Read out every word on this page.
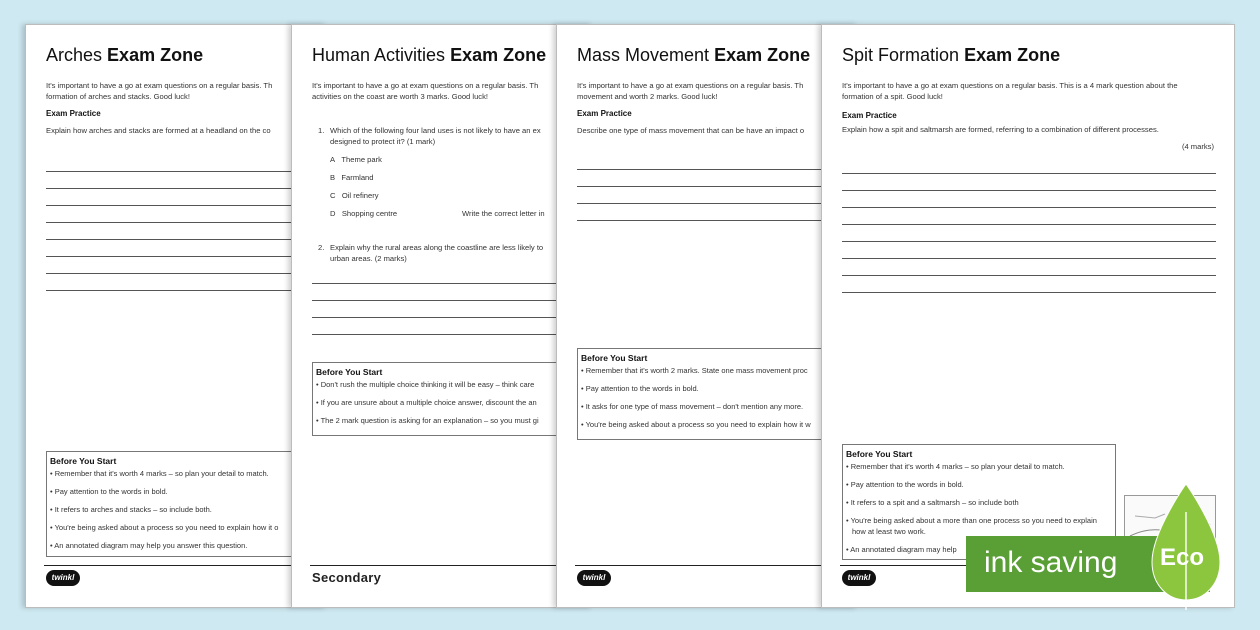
Arches Exam Zone
It's important to have a go at exam questions on a regular basis. Th
formation of arches and stacks. Good luck!
Exam Practice
Explain how arches and stacks are formed at a headland on the co
Before You Start
• Remember that it's worth 4 marks – so plan your detail to match.
• Pay attention to the words in bold.
• It refers to arches and stacks – so include both.
• You're being asked about a process so you need to explain how it o
• An annotated diagram may help you answer this question.
twinkl
Human Activities Exam Zone
It's important to have a go at exam questions on a regular basis. Th
activities on the coast are worth 3 marks. Good luck!
1. Which of the following four land uses is not likely to have an ex
designed to protect it? (1 mark)
A Theme park
B Farmland
C Oil refinery
D Shopping centre	Write the correct letter in
2. Explain why the rural areas along the coastline are less likely to
urban areas. (2 marks)
Before You Start
• Don't rush the multiple choice thinking it will be easy – think care
• If you are unsure about a multiple choice answer, discount the an
• The 2 mark question is asking for an explanation – so you must gi
Secondary
Mass Movement Exam Zone
It's important to have a go at exam questions on a regular basis. Th
movement and worth 2 marks. Good luck!
Exam Practice
Describe one type of mass movement that can be have an impact o
Before You Start
• Remember that it's worth 2 marks. State one mass movement proc
• Pay attention to the words in bold.
• It asks for one type of mass movement – don't mention any more.
• You're being asked about a process so you need to explain how it w
twinkl
Spit Formation Exam Zone
It's important to have a go at exam questions on a regular basis. This is a 4 mark question about the
formation of a spit. Good luck!
Exam Practice
Explain how a spit and saltmarsh are formed, referring to a combination of different processes.
(4 marks)
Before You Start
• Remember that it's worth 4 marks – so plan your detail to match.
• Pay attention to the words in bold.
• It refers to a spit and a saltmarsh – so include both
• You're being asked about a more than one process so you need to explain
how at least two work.
• An annotated diagram may help
twinkl	ink saving Eco
